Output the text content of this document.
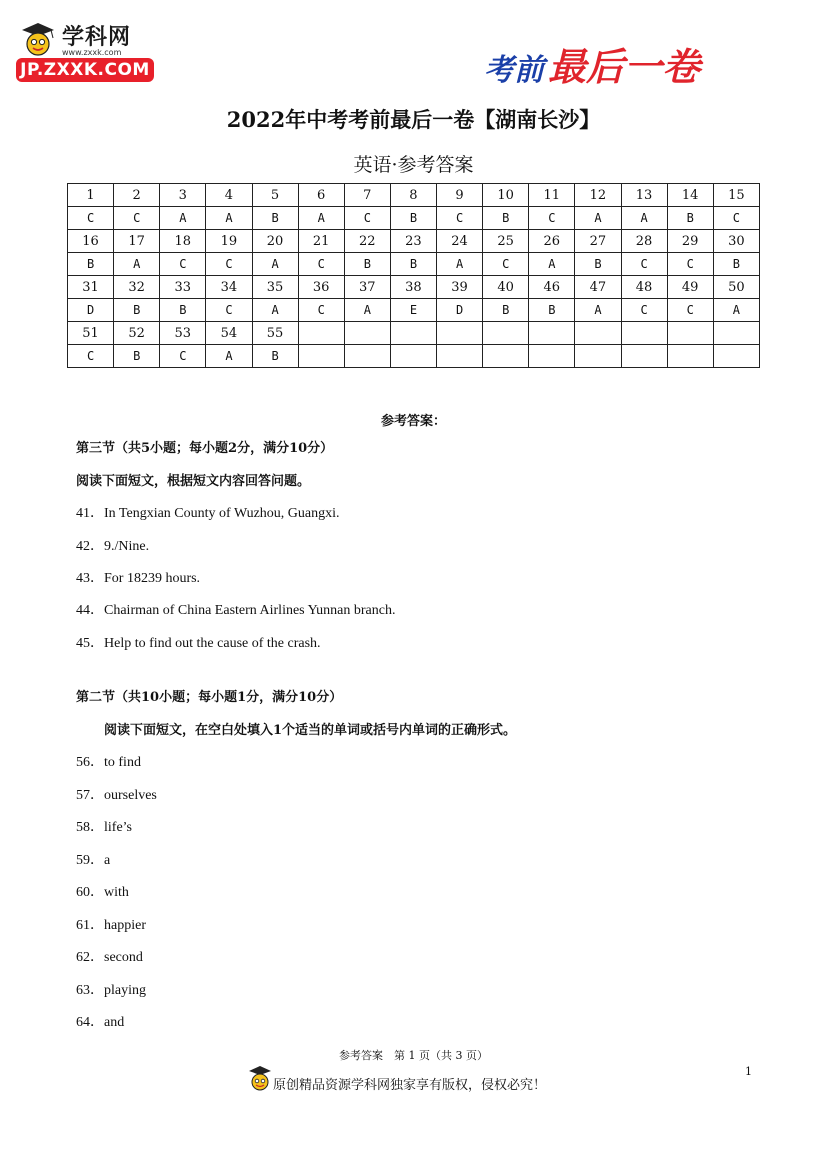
学科网
www.zxxk.com
JP.ZXXK.COM	考前 最后一卷
2022年中考考前最后一卷【湖南长沙】
英语·参考答案
1	2	3	4	5	6	7	8	9	10	11	12	13	14	15
C	C	A	A	B	A	C	B	C	B	C	A	A	B	C
16	17	18	19	20	21	22	23	24	25	26	27	28	29	30
B	A	C	C	A	C	B	B	A	C	A	B	C	C	B
31	32	33	34	35	36	37	38	39	40	46	47	48	49	50
D	B	B	C	A	C	A	E	D	B	B	A	C	C	A
51	52	53	54	55										
C	B	C	A	B										
参考答案：
第三节（共5小题；每小题2分，满分10分）
阅读下面短文，根据短文内容回答问题。
41．In Tengxian County of Wuzhou, Guangxi.
42．9./Nine.
43．For 18239 hours.
44．Chairman of China Eastern Airlines Yunnan branch.
45．Help to find out the cause of the crash.
第二节（共10小题；每小题1分，满分10分）
阅读下面短文，在空白处填入1个适当的单词或括号内单词的正确形式。
56．to find
57．ourselves
58．life’s
59．a
60．with
61．happier
62．second
63．playing
64．and
参考答案　第 1 页（共 3 页）
原创精品资源学科网独家享有版权，侵权必究！
1
